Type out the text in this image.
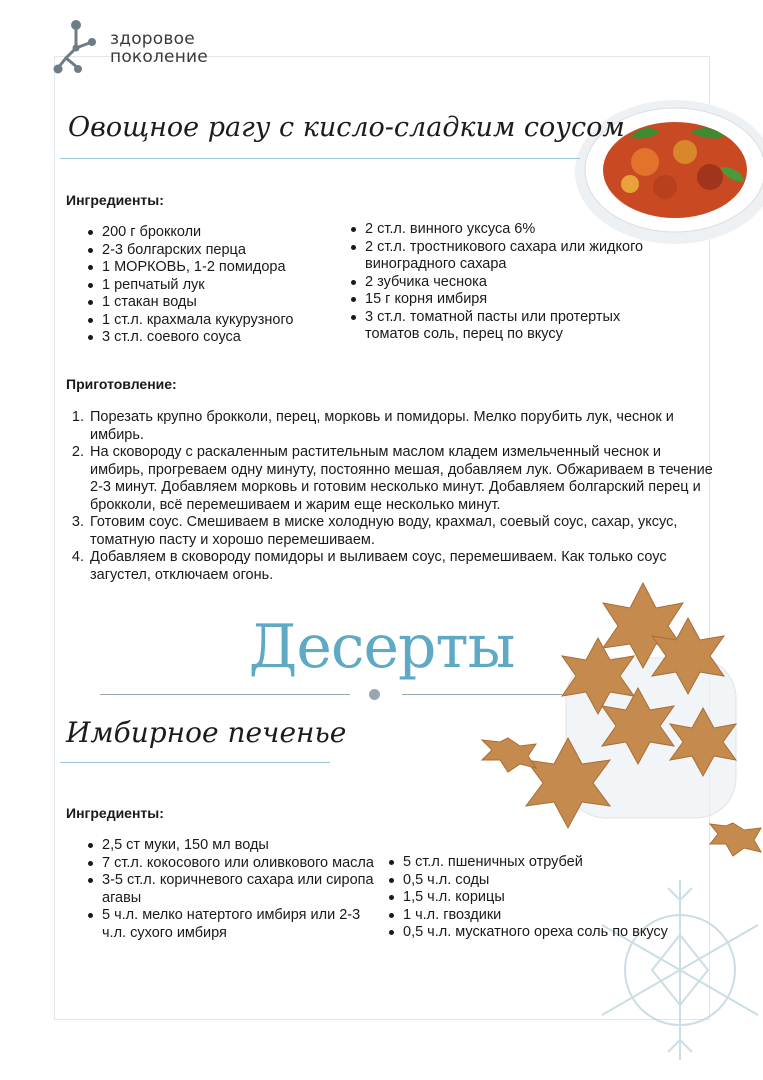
здоровое
поколение
Овощное рагу с кисло-сладким соусом
Ингредиенты:
200 г брокколи
2-3 болгарских перца
1 МОРКОВЬ, 1-2 помидора
1 репчатый лук
1 стакан воды
1 ст.л. крахмала кукурузного
3 ст.л. соевого соуса
2 ст.л. винного уксуса 6%
2 ст.л. тростникового сахара или жидкого виноградного сахара
2 зубчика чеснока
15 г корня имбиря
3 ст.л. томатной пасты или протертых томатов соль, перец по вкусу
Приготовление:
1. Порезать крупно брокколи, перец, морковь и помидоры. Мелко порубить лук, чеснок и имбирь.
2. На сковороду с раскаленным растительным маслом кладем измельченный чеснок и имбирь, прогреваем одну минуту, постоянно мешая, добавляем лук. Обжариваем в течение 2-3 минут. Добавляем морковь и готовим несколько минут. Добавляем болгарский перец и брокколи, всё перемешиваем и жарим еще несколько минут.
3. Готовим соус. Смешиваем в миске холодную воду, крахмал, соевый соус, сахар, уксус, томатную пасту и хорошо перемешиваем.
4. Добавляем в сковороду помидоры и выливаем соус, перемешиваем. Как только соус загустел, отключаем огонь.
Десерты
Имбирное печенье
Ингредиенты:
2,5 ст муки, 150 мл воды
7 ст.л. кокосового или оливкового масла
3-5 ст.л. коричневого сахара или сиропа агавы
5 ч.л. мелко натертого имбиря или 2-3 ч.л. сухого имбиря
5 ст.л. пшеничных отрубей
0,5 ч.л. соды
1,5 ч.л. корицы
1 ч.л. гвоздики
0,5 ч.л. мускатного ореха соль по вкусу
